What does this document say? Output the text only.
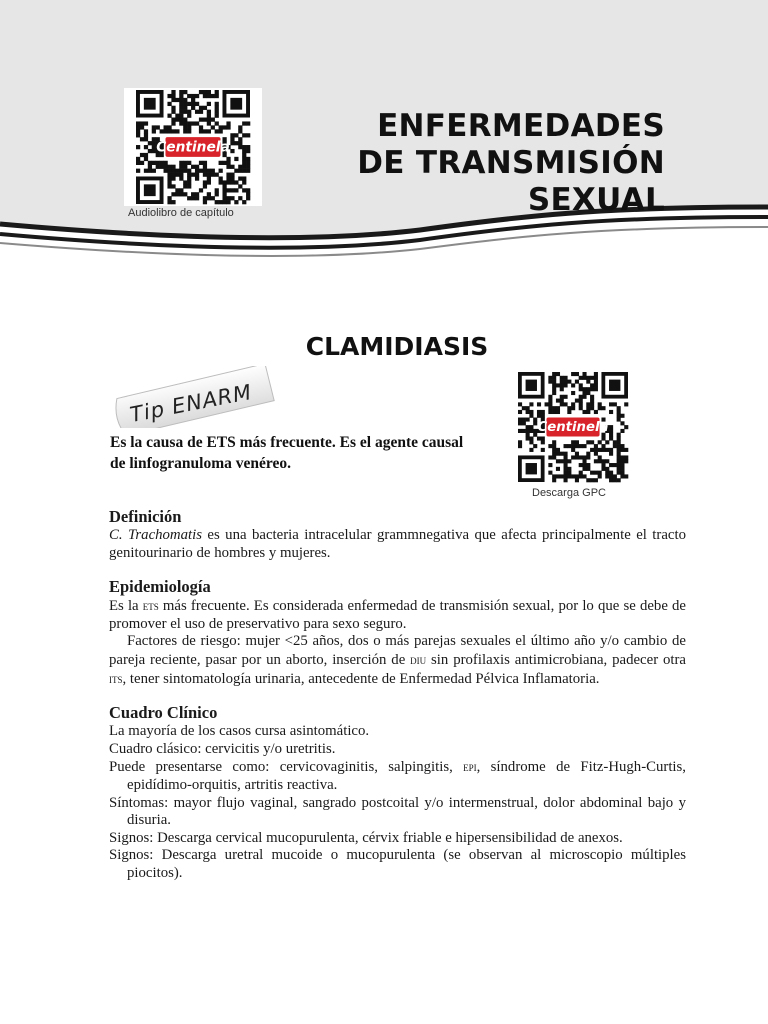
Centinela
Audiolibro de capítulo
ENFERMEDADES
DE TRANSMISIÓN
SEXUAL
CLAMIDIASIS
Tip ENARM
Es la causa de ETS más frecuente. Es el agente causal de linfogranuloma venéreo.
Centinela
Descarga GPC
Definición

C. Trachomatis es una bacteria intracelular grammnegativa que afecta principalmente el tracto genitourinario de hombres y mujeres.

Epidemiología

Es la ets más frecuente. Es considerada enfermedad de transmisión sexual, por lo que se debe de promover el uso de preservativo para sexo seguro.

Factores de riesgo: mujer <25 años, dos o más parejas sexuales el último año y/o cambio de pareja reciente, pasar por un aborto, inserción de diu sin profilaxis antimicrobiana, padecer otra its, tener sintomatología urinaria, antecedente de Enfermedad Pélvica Inflamatoria.

Cuadro Clínico

La mayoría de los casos cursa asintomático.

Cuadro clásico: cervicitis y/o uretritis.

Puede presentarse como: cervicovaginitis, salpingitis, epi, síndrome de Fitz-Hugh-Curtis, epidídimo-orquitis, artritis reactiva.

Síntomas: mayor flujo vaginal, sangrado postcoital y/o intermenstrual, dolor abdominal bajo y disuria.

Signos: Descarga cervical mucopurulenta, cérvix friable e hipersensibilidad de anexos.

Signos: Descarga uretral mucoide o mucopurulenta (se observan al microscopio múltiples piocitos).
